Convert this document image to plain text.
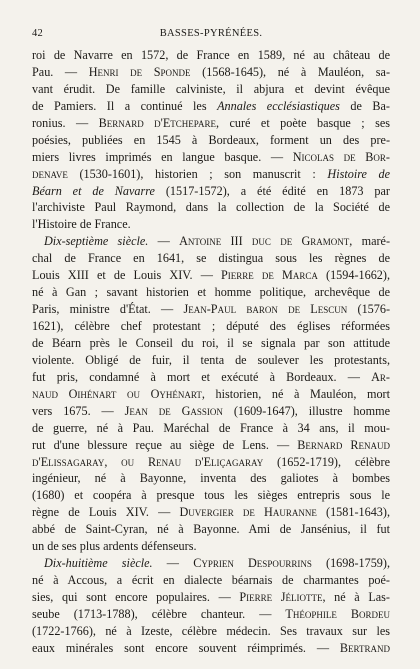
42	BASSES-PYRÉNÉES.
roi de Navarre en 1572, de France en 1589, né au château de
Pau. — Henri de Sponde (1568-1645), né à Mauléon, sa-
vant érudit. De famille calviniste, il abjura et devint évêque
de Pamiers. Il a continué les Annales ecclésiastiques de Ba-
ronius. — Bernard d'Etchepare, curé et poète basque ; ses
poésies, publiées en 1545 à Bordeaux, forment un des pre-
miers livres imprimés en langue basque. — Nicolas de Bor-
denave (1530-1601), historien ; son manuscrit : Histoire de
Béarn et de Navarre (1517-1572), a été édité en 1873 par
l'archiviste Paul Raymond, dans la collection de la Société de
l'Histoire de France.
Dix-septième siècle. — Antoine III duc de Gramont, maré-
chal de France en 1641, se distingua sous les règnes de
Louis XIII et de Louis XIV. — Pierre de Marca (1594-1662),
né à Gan ; savant historien et homme politique, archevêque de
Paris, ministre d'État. — Jean-Paul baron de Lescun (1576-
1621), célèbre chef protestant ; député des églises réformées
de Béarn près le Conseil du roi, il se signala par son attitude
violente. Obligé de fuir, il tenta de soulever les protestants,
fut pris, condamné à mort et exécuté à Bordeaux. — Ar-
naud Oihénart ou Oyhénart, historien, né à Mauléon, mort
vers 1675. — Jean de Gassion (1609-1647), illustre homme
de guerre, né à Pau. Maréchal de France à 34 ans, il mou-
rut d'une blessure reçue au siège de Lens. — Bernard Renaud
d'Elissagaray, ou Renau d'Eliçagaray (1652-1719), célèbre
ingénieur, né à Bayonne, inventa des galiotes à bombes
(1680) et coopéra à presque tous les sièges entrepris sous le
règne de Louis XIV. — Duvergier de Hauranne (1581-1643),
abbé de Saint-Cyran, né à Bayonne. Ami de Jansénius, il fut
un de ses plus ardents défenseurs.
Dix-huitième siècle. — Cyprien Despourrins (1698-1759),
né à Accous, a écrit en dialecte béarnais de charmantes poé-
sies, qui sont encore populaires. — Pierre Jéliotte, né à Las-
seube (1713-1788), célèbre chanteur. — Théophile Bordeu
(1722-1766), né à Izeste, célèbre médecin. Ses travaux sur les
eaux minérales sont encore souvent réimprimés. — Bertrand
